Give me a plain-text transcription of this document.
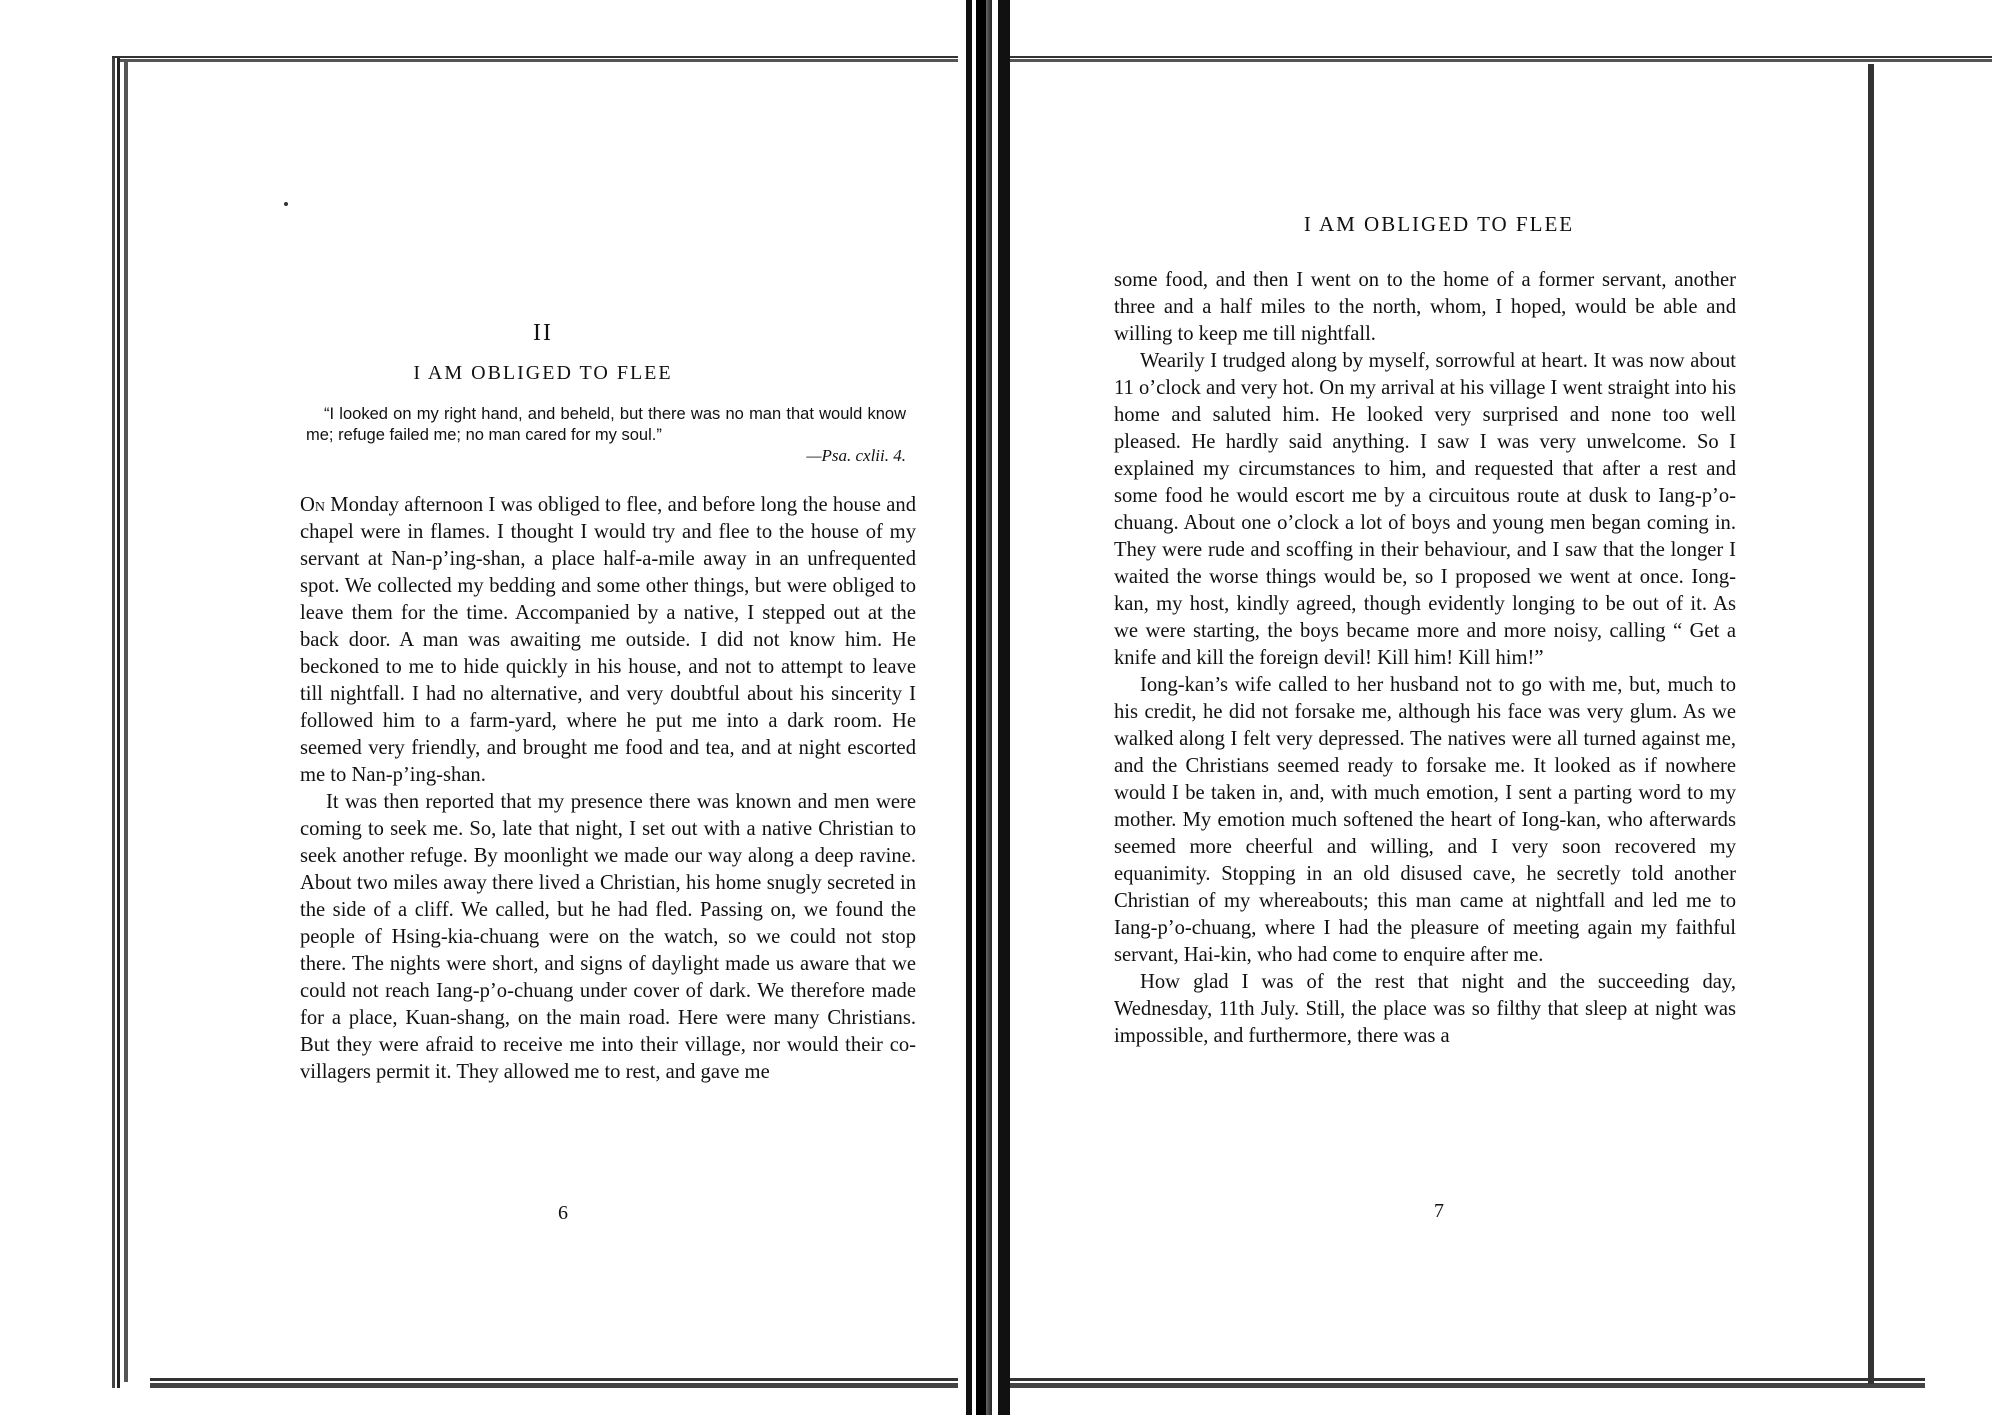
II
I AM OBLIGED TO FLEE
“I looked on my right hand, and beheld, but there was no man that would know me; refuge failed me; no man cared for my soul.”
—Psa. cxlii. 4.

On Monday afternoon I was obliged to flee, and before long the house and chapel were in flames. I thought I would try and flee to the house of my servant at Nan-p’ing-shan, a place half-a-mile away in an unfrequented spot. We collected my bedding and some other things, but were obliged to leave them for the time. Accompanied by a native, I stepped out at the back door. A man was awaiting me outside. I did not know him. He beckoned to me to hide quickly in his house, and not to attempt to leave till nightfall. I had no alternative, and very doubtful about his sincerity I followed him to a farm-yard, where he put me into a dark room. He seemed very friendly, and brought me food and tea, and at night escorted me to Nan-p’ing-shan.

It was then reported that my presence there was known and men were coming to seek me. So, late that night, I set out with a native Christian to seek another refuge. By moonlight we made our way along a deep ravine. About two miles away there lived a Christian, his home snugly secreted in the side of a cliff. We called, but he had fled. Passing on, we found the people of Hsing-kia-chuang were on the watch, so we could not stop there. The nights were short, and signs of daylight made us aware that we could not reach Iang-p’o-chuang under cover of dark. We therefore made for a place, Kuan-shang, on the main road. Here were many Christians. But they were afraid to receive me into their village, nor would their co-villagers permit it. They allowed me to rest, and gave me

6
I AM OBLIGED TO FLEE

some food, and then I went on to the home of a former servant, another three and a half miles to the north, whom, I hoped, would be able and willing to keep me till nightfall.

Wearily I trudged along by myself, sorrowful at heart. It was now about 11 o’clock and very hot. On my arrival at his village I went straight into his home and saluted him. He looked very surprised and none too well pleased. He hardly said anything. I saw I was very unwelcome. So I explained my circumstances to him, and requested that after a rest and some food he would escort me by a circuitous route at dusk to Iang-p’o-chuang. About one o’clock a lot of boys and young men began coming in. They were rude and scoffing in their behaviour, and I saw that the longer I waited the worse things would be, so I proposed we went at once. Iong-kan, my host, kindly agreed, though evidently longing to be out of it. As we were starting, the boys became more and more noisy, calling “ Get a knife and kill the foreign devil! Kill him! Kill him!”

Iong-kan’s wife called to her husband not to go with me, but, much to his credit, he did not forsake me, although his face was very glum. As we walked along I felt very depressed. The natives were all turned against me, and the Christians seemed ready to forsake me. It looked as if nowhere would I be taken in, and, with much emotion, I sent a parting word to my mother. My emotion much softened the heart of Iong-kan, who afterwards seemed more cheerful and willing, and I very soon recovered my equanimity. Stopping in an old disused cave, he secretly told another Christian of my whereabouts; this man came at nightfall and led me to Iang-p’o-chuang, where I had the pleasure of meeting again my faithful servant, Hai-kin, who had come to enquire after me.

How glad I was of the rest that night and the succeeding day, Wednesday, 11th July. Still, the place was so filthy that sleep at night was impossible, and furthermore, there was a

7
